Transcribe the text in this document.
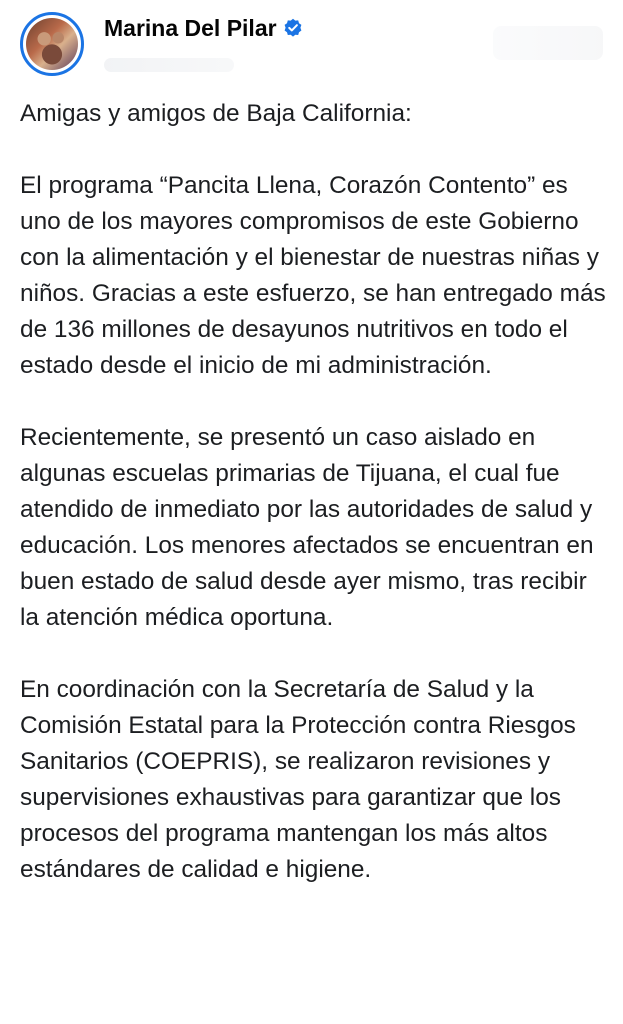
Marina Del Pilar

Amigas y amigos de Baja California:

El programa “Pancita Llena, Corazón Contento” es uno de los mayores compromisos de este Gobierno con la alimentación y el bienestar de nuestras niñas y niños. Gracias a este esfuerzo, se han entregado más de 136 millones de desayunos nutritivos en todo el estado desde el inicio de mi administración.

Recientemente, se presentó un caso aislado en algunas escuelas primarias de Tijuana, el cual fue atendido de inmediato por las autoridades de salud y educación. Los menores afectados se encuentran en buen estado de salud desde ayer mismo, tras recibir la atención médica oportuna.

En coordinación con la Secretaría de Salud y la Comisión Estatal para la Protección contra Riesgos Sanitarios (COEPRIS), se realizaron revisiones y supervisiones exhaustivas para garantizar que los procesos del programa mantengan los más altos estándares de calidad e higiene.
